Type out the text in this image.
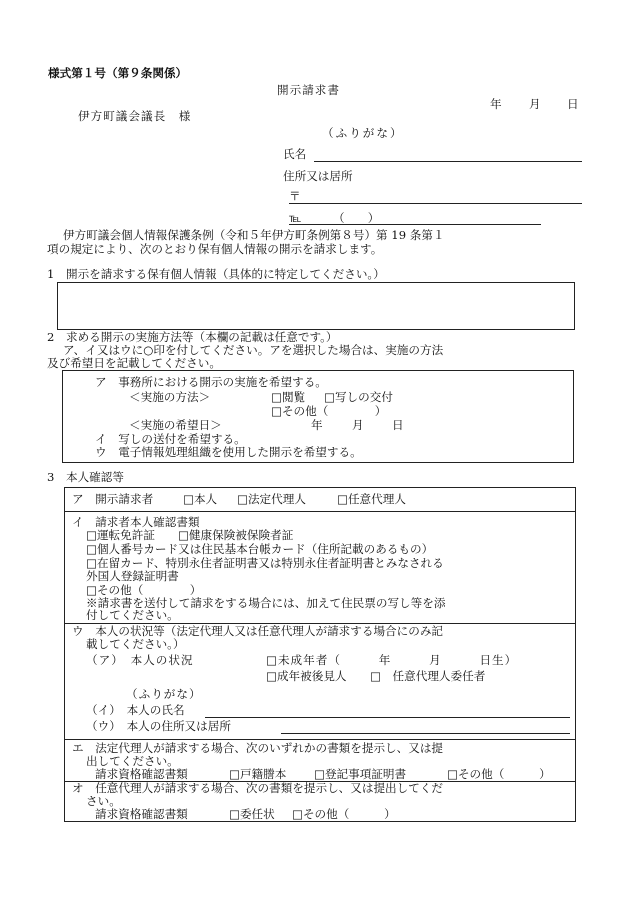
様式第１号（第９条関係）
開示請求書
年 月 日
伊方町議会議長　様
（ふりがな）
氏名
住所又は居所
〒
℡	（　　）
伊方町議会個人情報保護条例（令和５年伊方町条例第８号）第 19 条第１
項の規定により、次のとおり保有個人情報の開示を請求します。
1　開示を請求する保有個人情報（具体的に特定してください。）
2　求める開示の実施方法等（本欄の記載は任意です。）
ア、イ又はウに○印を付してください。アを選択した場合は、実施の方法
及び希望日を記載してください。
ア　事務所における開示の実施を希望する。
＜実施の方法＞	□閲覧 □写しの交付
□その他（　　　　）
＜実施の希望日＞	年	月 日
イ　写しの送付を希望する。
ウ　電子情報処理組織を使用した開示を希望する。
3　本人確認等
ア　開示請求者	□本人 □法定代理人	□任意代理人
イ　請求者本人確認書類
□運転免許証 □健康保険被保険者証
□個人番号カード又は住民基本台帳カード（住所記載のあるもの）
□在留カード、特別永住者証明書又は特別永住者証明書とみなされる
外国人登録証明書
□その他（　　　　）
※請求書を送付して請求をする場合には、加えて住民票の写し等を添
付してください。
ウ　本人の状況等（法定代理人又は任意代理人が請求する場合にのみ記
載してください。）
（ア）　本人の状況	□未成年者（　　　年　　　月　　　日生）
□成年被後見人 □　任意代理人委任者
（ふりがな）
（イ）　本人の氏名
（ウ）　本人の住所又は居所
エ　法定代理人が請求する場合、次のいずれかの書類を提示し、又は提
出してください。
請求資格確認書類	□戸籍謄本 □登記事項証明書	□その他（　　　）
オ　任意代理人が請求する場合、次の書類を提示し、又は提出してくだ
さい。
請求資格確認書類	□委任状 □その他（　　　）
